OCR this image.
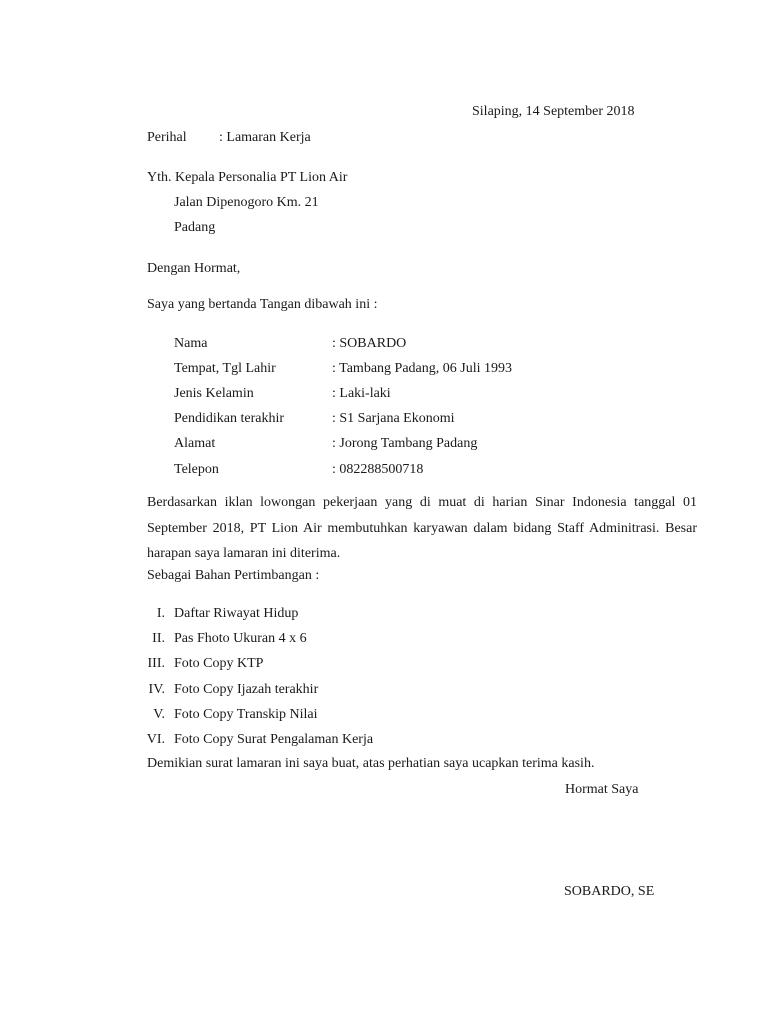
Silaping, 14 September 2018
Perihal : Lamaran Kerja
Yth. Kepala Personalia PT Lion Air
Jalan Dipenogoro Km. 21
Padang
Dengan Hormat,
Saya yang bertanda Tangan dibawah ini :
Nama	: SOBARDO
Tempat, Tgl Lahir	: Tambang Padang, 06 Juli 1993
Jenis Kelamin	: Laki-laki
Pendidikan terakhir	: S1 Sarjana Ekonomi
Alamat	: Jorong Tambang Padang
Telepon	: 082288500718

Berdasarkan iklan lowongan pekerjaan yang di muat di harian Sinar Indonesia tanggal 01 September 2018, PT Lion Air membutuhkan karyawan dalam bidang Staff Adminitrasi. Besar harapan saya lamaran ini diterima.

Sebagai Bahan Pertimbangan :
I. Daftar Riwayat Hidup
II. Pas Fhoto Ukuran 4 x 6
III. Foto Copy KTP
IV. Foto Copy Ijazah terakhir
V. Foto Copy Transkip Nilai
VI. Foto Copy Surat Pengalaman Kerja
Demikian surat lamaran ini saya buat, atas perhatian saya ucapkan terima kasih.
Hormat Saya
SOBARDO, SE
